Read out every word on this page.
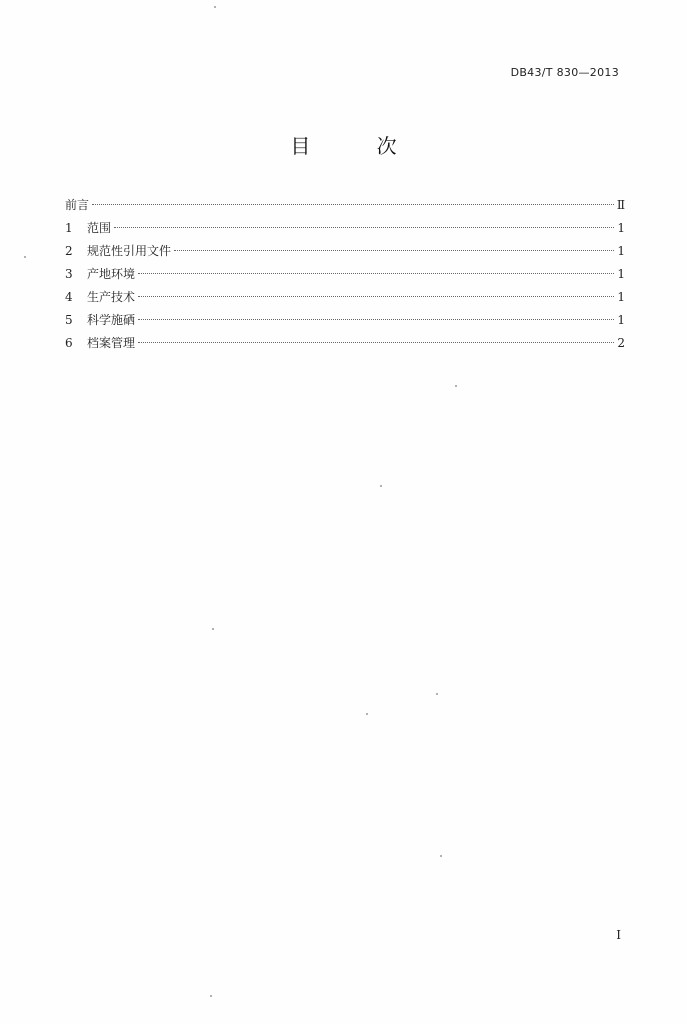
DB43/T 830—2013
目 次
前言	Ⅱ
1	范围	1
2	规范性引用文件	1
3	产地环境	1
4	生产技术	1
5	科学施硒	1
6	档案管理	2
Ⅰ
